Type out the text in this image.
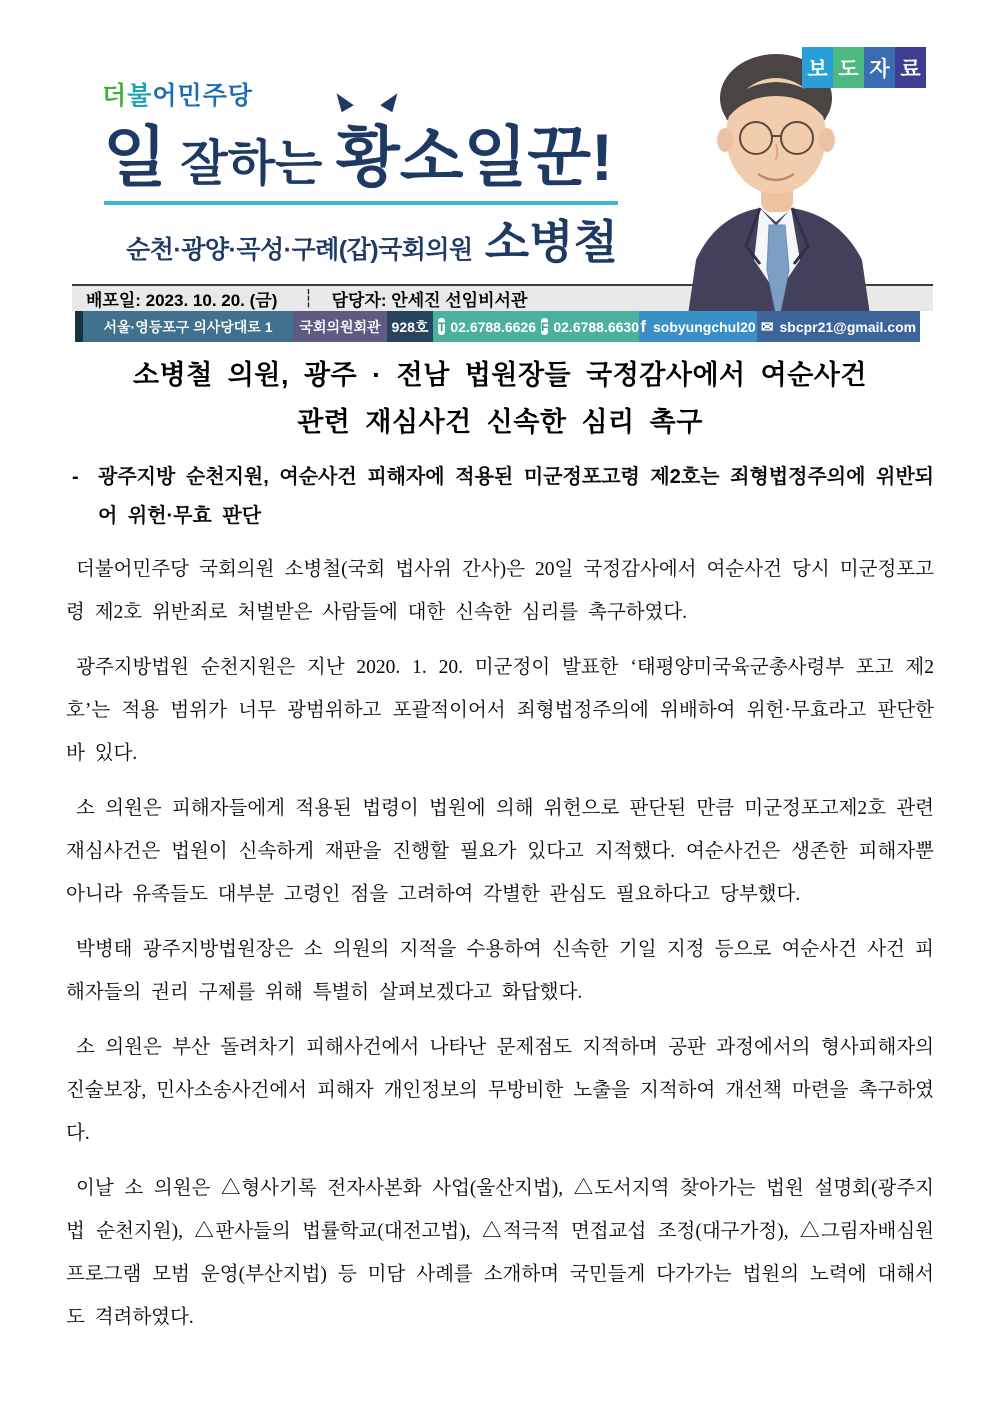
더불어민주당
일 잘하는 황소일꾼!
순천·광양·곡성·구례(갑)국회의원 소병철
보 도 자 료
배포일: 2023. 10. 20. (금) ┆ 담당자: 안세진 선임비서관
서울·영등포구 의사당대로 1	국회의원회관 928호 T 02.6788.6626 F 02.6788.6630 f sobyungchul20 ✉ sbcpr21@gmail.com
소병철 의원, 광주 · 전남 법원장들 국정감사에서 여순사건
관련 재심사건 신속한 심리 촉구
- 광주지방 순천지원, 여순사건 피해자에 적용된 미군정포고령 제2호는 죄형법정주의에 위반되어 위헌·무효 판단

더불어민주당 국회의원 소병철(국회 법사위 간사)은 20일 국정감사에서 여순사건 당시 미군정포고령 제2호 위반죄로 처벌받은 사람들에 대한 신속한 심리를 촉구하였다.

광주지방법원 순천지원은 지난 2020. 1. 20. 미군정이 발표한 ‘태평양미국육군총사령부 포고 제2호’는 적용 범위가 너무 광범위하고 포괄적이어서 죄형법정주의에 위배하여 위헌·무효라고 판단한 바 있다.

소 의원은 피해자들에게 적용된 법령이 법원에 의해 위헌으로 판단된 만큼 미군정포고제2호 관련 재심사건은 법원이 신속하게 재판을 진행할 필요가 있다고 지적했다. 여순사건은 생존한 피해자뿐 아니라 유족들도 대부분 고령인 점을 고려하여 각별한 관심도 필요하다고 당부했다.

박병태 광주지방법원장은 소 의원의 지적을 수용하여 신속한 기일 지정 등으로 여순사건 사건 피해자들의 권리 구제를 위해 특별히 살펴보겠다고 화답했다.

소 의원은 부산 돌려차기 피해사건에서 나타난 문제점도 지적하며 공판 과정에서의 형사피해자의 진술보장, 민사소송사건에서 피해자 개인정보의 무방비한 노출을 지적하여 개선책 마련을 촉구하였다.

이날 소 의원은 △형사기록 전자사본화 사업(울산지법), △도서지역 찾아가는 법원 설명회(광주지법 순천지원), △판사들의 법률학교(대전고법), △적극적 면접교섭 조정(대구가정), △그림자배심원 프로그램 모범 운영(부산지법) 등 미담 사례를 소개하며 국민들게 다가가는 법원의 노력에 대해서도 격려하였다.
